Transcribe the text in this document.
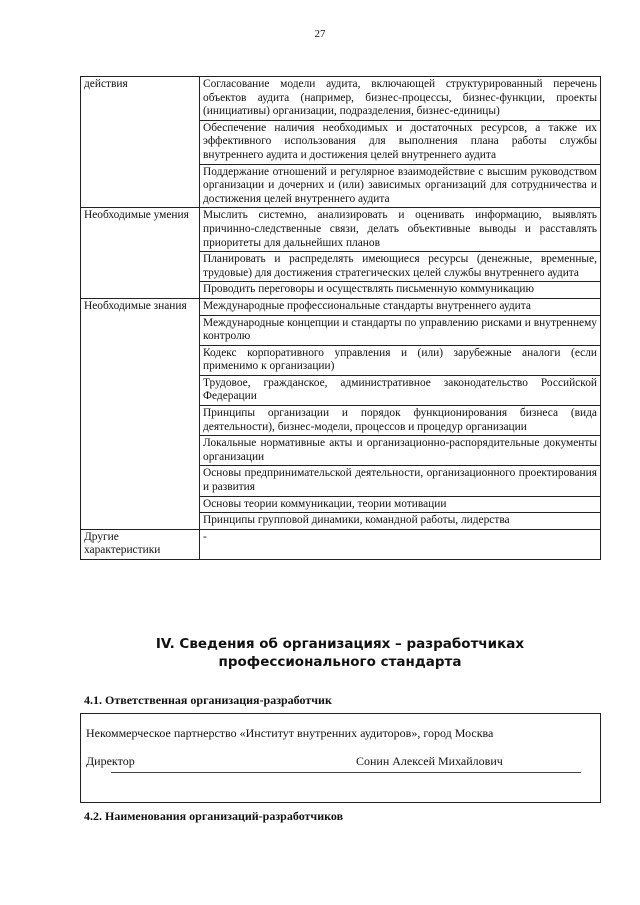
27
действия	Согласование модели аудита, включающей структурированный перечень объектов аудита (например, бизнес-процессы, бизнес-функции, проекты (инициативы) организации, подразделения, бизнес-единицы)
	Обеспечение наличия необходимых и достаточных ресурсов, а также их эффективного использования для выполнения плана работы службы внутреннего аудита и достижения целей внутреннего аудита
	Поддержание отношений и регулярное взаимодействие с высшим руководством организации и дочерних и (или) зависимых организаций для сотрудничества и достижения целей внутреннего аудита
Необходимые умения	Мыслить системно, анализировать и оценивать информацию, выявлять причинно-следственные связи, делать объективные выводы и расставлять приоритеты для дальнейших планов
	Планировать и распределять имеющиеся ресурсы (денежные, временные, трудовые) для достижения стратегических целей службы внутреннего аудита
	Проводить переговоры и осуществлять письменную коммуникацию
Необходимые знания	Международные профессиональные стандарты внутреннего аудита
	Международные концепции и стандарты по управлению рисками и внутреннему контролю
	Кодекс корпоративного управления и (или) зарубежные аналоги (если применимо к организации)
	Трудовое, гражданское, административное законодательство Российской Федерации
	Принципы организации и порядок функционирования бизнеса (вида деятельности), бизнес-модели, процессов и процедур организации
	Локальные нормативные акты и организационно-распорядительные документы организации
	Основы предпринимательской деятельности, организационного проектирования и развития
	Основы теории коммуникации, теории мотивации
	Принципы групповой динамики, командной работы, лидерства
Другие характеристики	-
IV. Сведения об организациях – разработчиках профессионального стандарта
4.1. Ответственная организация-разработчик
Некоммерческое партнерство «Институт внутренних аудиторов», город Москва
Директор	Сонин Алексей Михайлович
4.2. Наименования организаций-разработчиков
